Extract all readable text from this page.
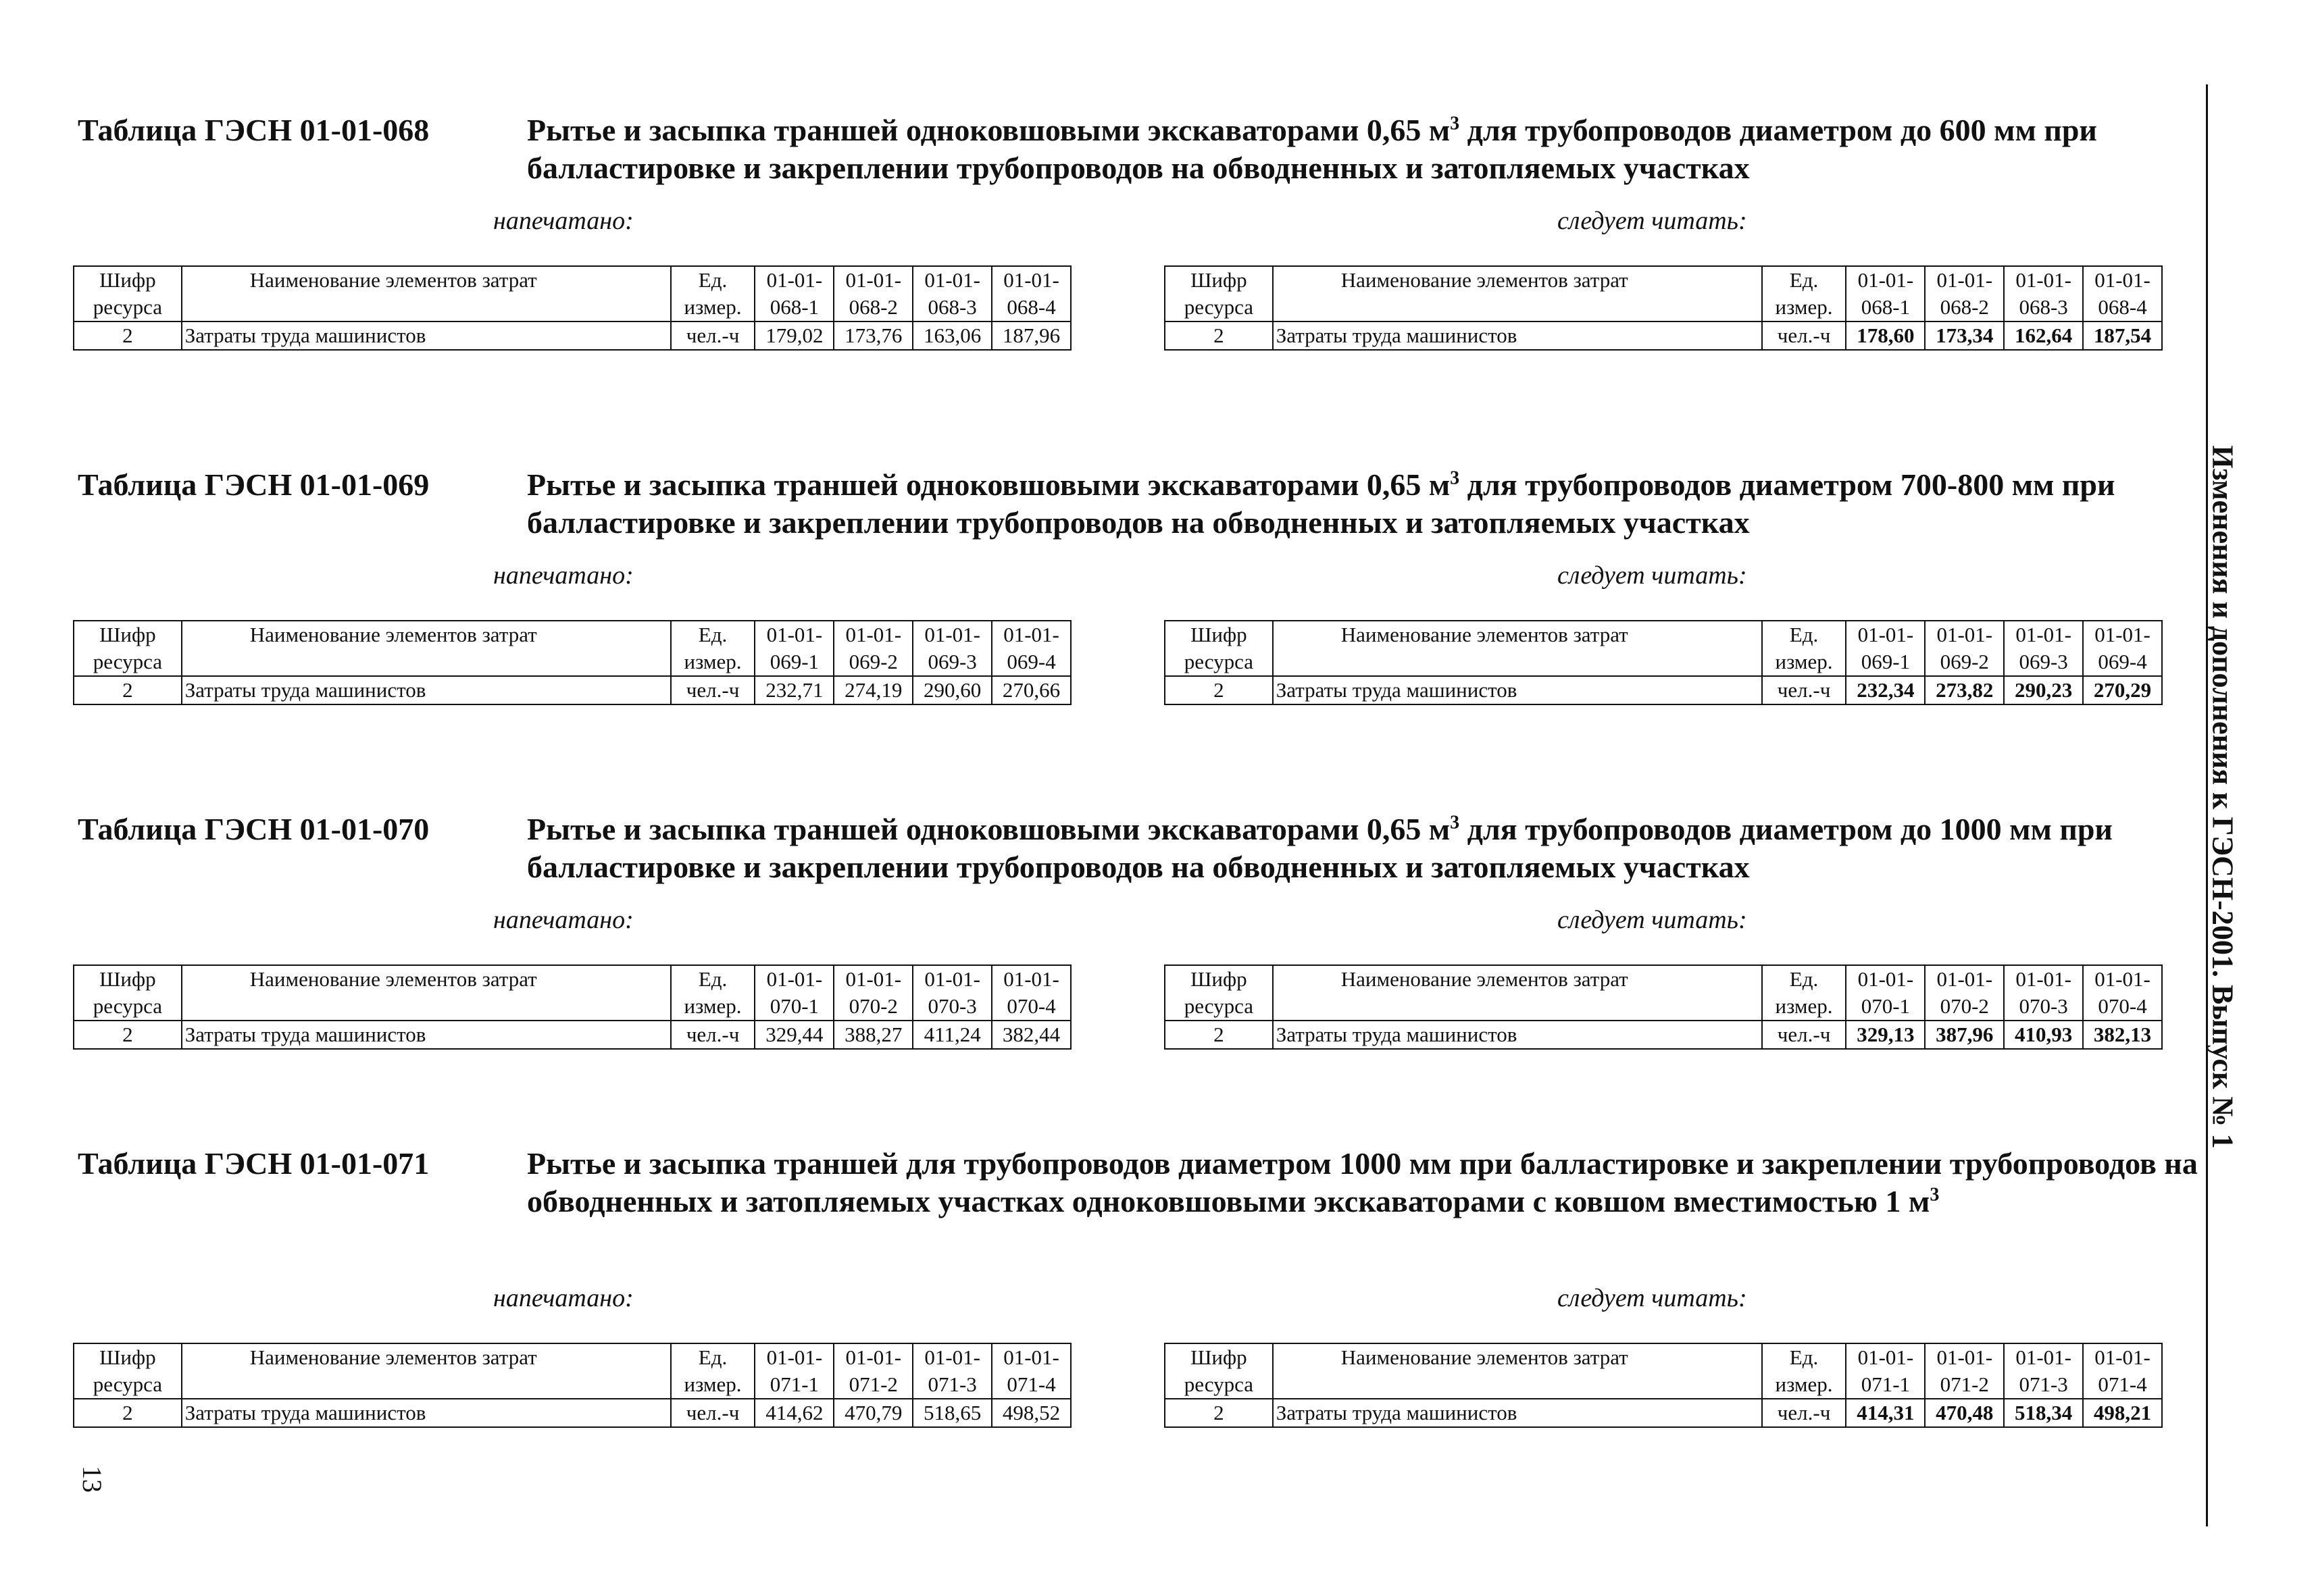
Таблица ГЭСН 01-01-068	Рытье и засыпка траншей одноковшовыми экскаваторами 0,65 $м^3$ для трубопроводов диаметром до 600 мм при балластировке и закреплении трубопроводов на обводненных и затопляемых участках
напечатано:	следует читать:
Шифр	Наименование элементов затрат	Ед.	01-01-	01-01-	01-01-	01-01-
ресурса		измер.	068-1	068-2	068-3	068-4
2	Затраты труда машинистов	чел.-ч	179,02	173,76	163,06	187,96
Шифр	Наименование элементов затрат	Ед.	01-01-	01-01-	01-01-	01-01-
ресурса		измер.	068-1	068-2	068-3	068-4
2	Затраты труда машинистов	чел.-ч	178,60	173,34	162,64	187,54
Таблица ГЭСН 01-01-069	Рытье и засыпка траншей одноковшовыми экскаваторами 0,65 $м^3$ для трубопроводов диаметром 700-800 мм при балластировке и закреплении трубопроводов на обводненных и затопляемых участках
напечатано:	следует читать:
Шифр	Наименование элементов затрат	Ед.	01-01-	01-01-	01-01-	01-01-
ресурса		измер.	069-1	069-2	069-3	069-4
2	Затраты труда машинистов	чел.-ч	232,71	274,19	290,60	270,66
Шифр	Наименование элементов затрат	Ед.	01-01-	01-01-	01-01-	01-01-
ресурса		измер.	069-1	069-2	069-3	069-4
2	Затраты труда машинистов	чел.-ч	232,34	273,82	290,23	270,29
Таблица ГЭСН 01-01-070	Рытье и засыпка траншей одноковшовыми экскаваторами 0,65 $м^3$ для трубопроводов диаметром до 1000 мм при балластировке и закреплении трубопроводов на обводненных и затопляемых участках
напечатано:	следует читать:
Шифр	Наименование элементов затрат	Ед.	01-01-	01-01-	01-01-	01-01-
ресурса		измер.	070-1	070-2	070-3	070-4
2	Затраты труда машинистов	чел.-ч	329,44	388,27	411,24	382,44
Шифр	Наименование элементов затрат	Ед.	01-01-	01-01-	01-01-	01-01-
ресурса		измер.	070-1	070-2	070-3	070-4
2	Затраты труда машинистов	чел.-ч	329,13	387,96	410,93	382,13
Таблица ГЭСН 01-01-071	Рытье и засыпка траншей для трубопроводов диаметром 1000 мм при балластировке и закреплении трубопроводов на обводненных и затопляемых участках одноковшовыми экскаваторами с ковшом вместимостью 1 $м^3$
напечатано:	следует читать:
Шифр	Наименование элементов затрат	Ед.	01-01-	01-01-	01-01-	01-01-
ресурса		измер.	071-1	071-2	071-3	071-4
2	Затраты труда машинистов	чел.-ч	414,62	470,79	518,65	498,52
Шифр	Наименование элементов затрат	Ед.	01-01-	01-01-	01-01-	01-01-
ресурса		измер.	071-1	071-2	071-3	071-4
2	Затраты труда машинистов	чел.-ч	414,31	470,48	518,34	498,21
Изменения и дополнения к ГЭСН-2001. Выпуск № 1
13
